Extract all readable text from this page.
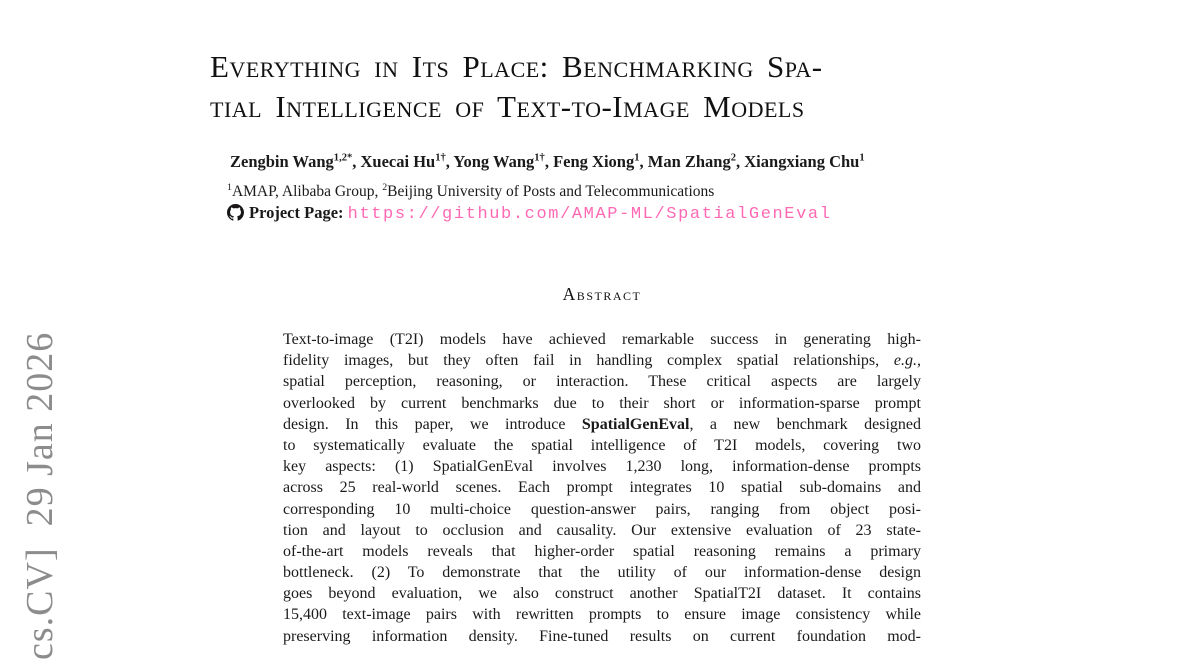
cs.CV]  29 Jan 2026
Everything in Its Place: Benchmarking Spa-
tial Intelligence of Text-to-Image Models
Zengbin Wang$^{1,2*}$, Xuecai $Hu^{1\dagger}$, Yong Wang$^{1\dagger}$, Feng Xiong$^1$, Man Zhang$^2$, Xiangxiang Chu$^1$
$^1$AMAP, Alibaba Group, $^2$Beijing University of Posts and Telecommunications
Project Page: https://github.com/AMAP-ML/SpatialGenEval
Abstract
Text-to-image (T2I) models have achieved remarkable success in generating high-
fidelity images, but they often fail in handling complex spatial relationships, e.g.,
spatial perception, reasoning, or interaction. These critical aspects are largely
overlooked by current benchmarks due to their short or information-sparse prompt
design. In this paper, we introduce SpatialGenEval, a new benchmark designed
to systematically evaluate the spatial intelligence of T2I models, covering two
key aspects: (1) SpatialGenEval involves 1,230 long, information-dense prompts
across 25 real-world scenes. Each prompt integrates 10 spatial sub-domains and
corresponding 10 multi-choice question-answer pairs, ranging from object posi-
tion and layout to occlusion and causality. Our extensive evaluation of 23 state-
of-the-art models reveals that higher-order spatial reasoning remains a primary
bottleneck. (2) To demonstrate that the utility of our information-dense design
goes beyond evaluation, we also construct another SpatialT2I dataset. It contains
15,400 text-image pairs with rewritten prompts to ensure image consistency while
preserving information density. Fine-tuned results on current foundation mod-
